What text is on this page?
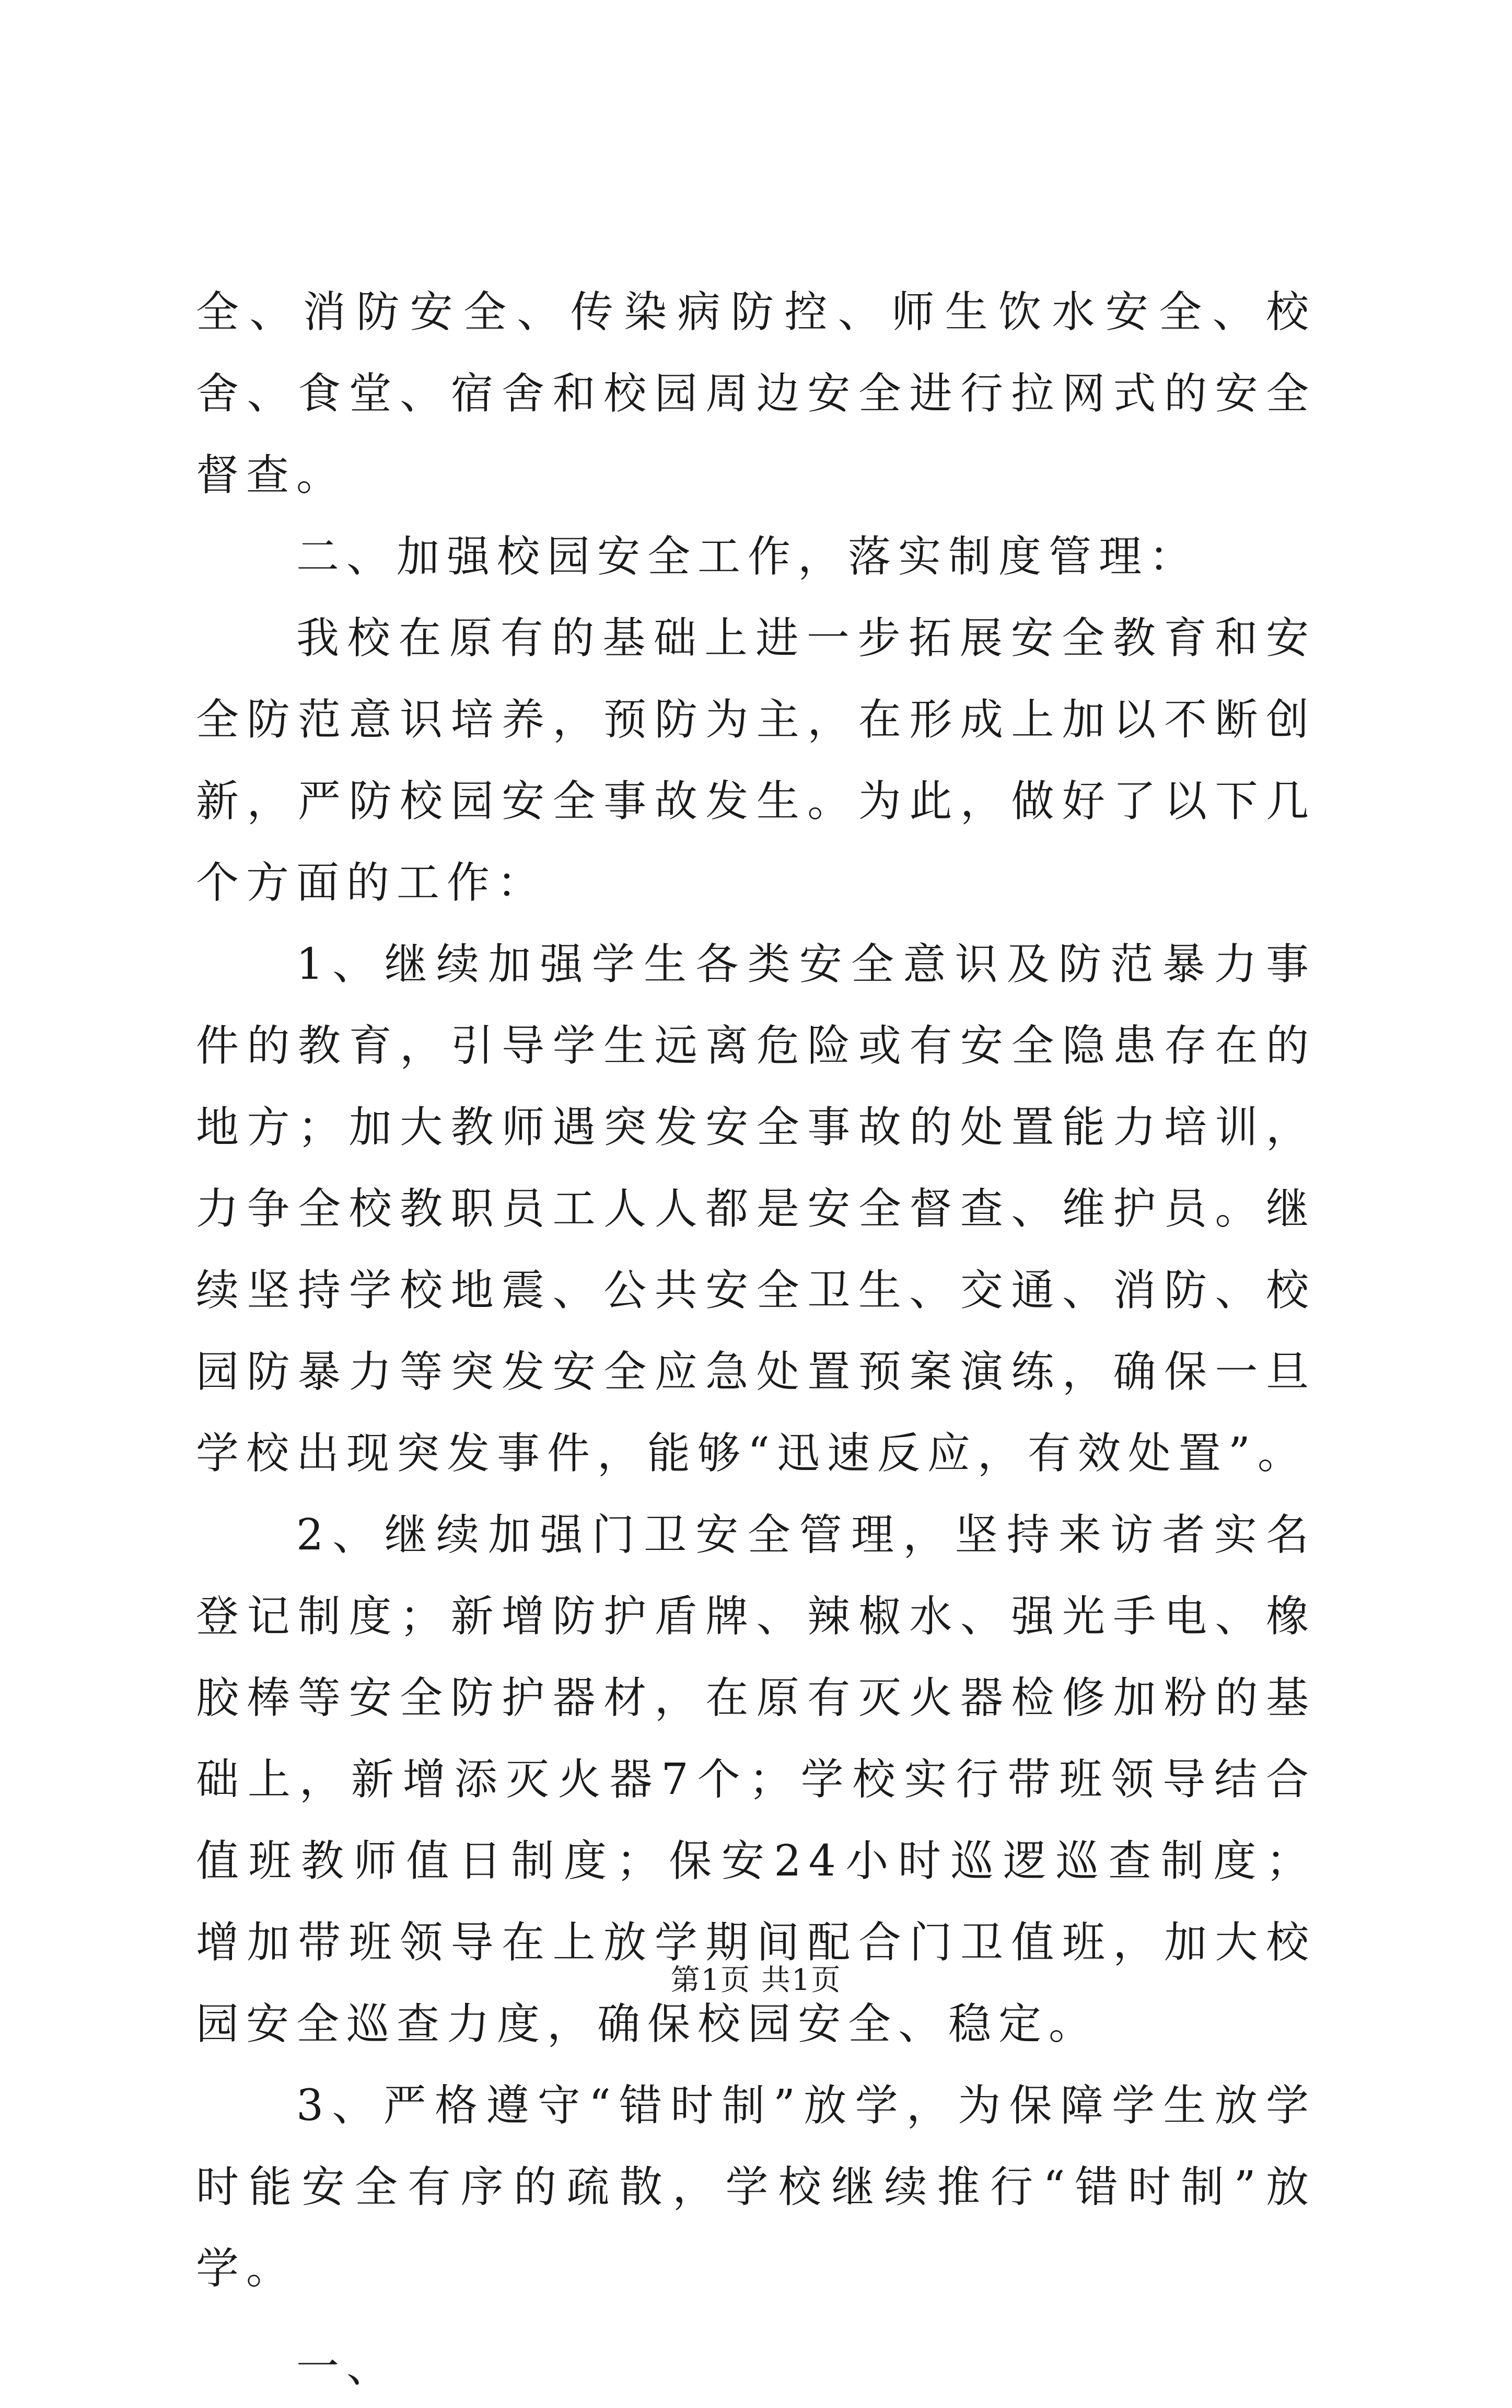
全、消防安全、传染病防控、师生饮水安全、校舍、食堂、宿舍和校园周边安全进行拉网式的安全督查。

二、加强校园安全工作，落实制度管理：

我校在原有的基础上进一步拓展安全教育和安全防范意识培养，预防为主，在形成上加以不断创新，严防校园安全事故发生。为此，做好了以下几个方面的工作：

1、继续加强学生各类安全意识及防范暴力事件的教育，引导学生远离危险或有安全隐患存在的地方；加大教师遇突发安全事故的处置能力培训，力争全校教职员工人人都是安全督查、维护员。继续坚持学校地震、公共安全卫生、交通、消防、校园防暴力等突发安全应急处置预案演练，确保一旦学校出现突发事件，能够“迅速反应，有效处置”。

2、继续加强门卫安全管理，坚持来访者实名登记制度；新增防护盾牌、辣椒水、强光手电、橡胶棒等安全防护器材，在原有灭火器检修加粉的基础上，新增添灭火器7个；学校实行带班领导结合值班教师值日制度；保安24小时巡逻巡查制度；增加带班领导在上放学期间配合门卫值班，加大校园安全巡查力度，确保校园安全、稳定。

3、严格遵守“错时制”放学，为保障学生放学时能安全有序的疏散，学校继续推行“错时制”放学。

一、

第1页 共1页
